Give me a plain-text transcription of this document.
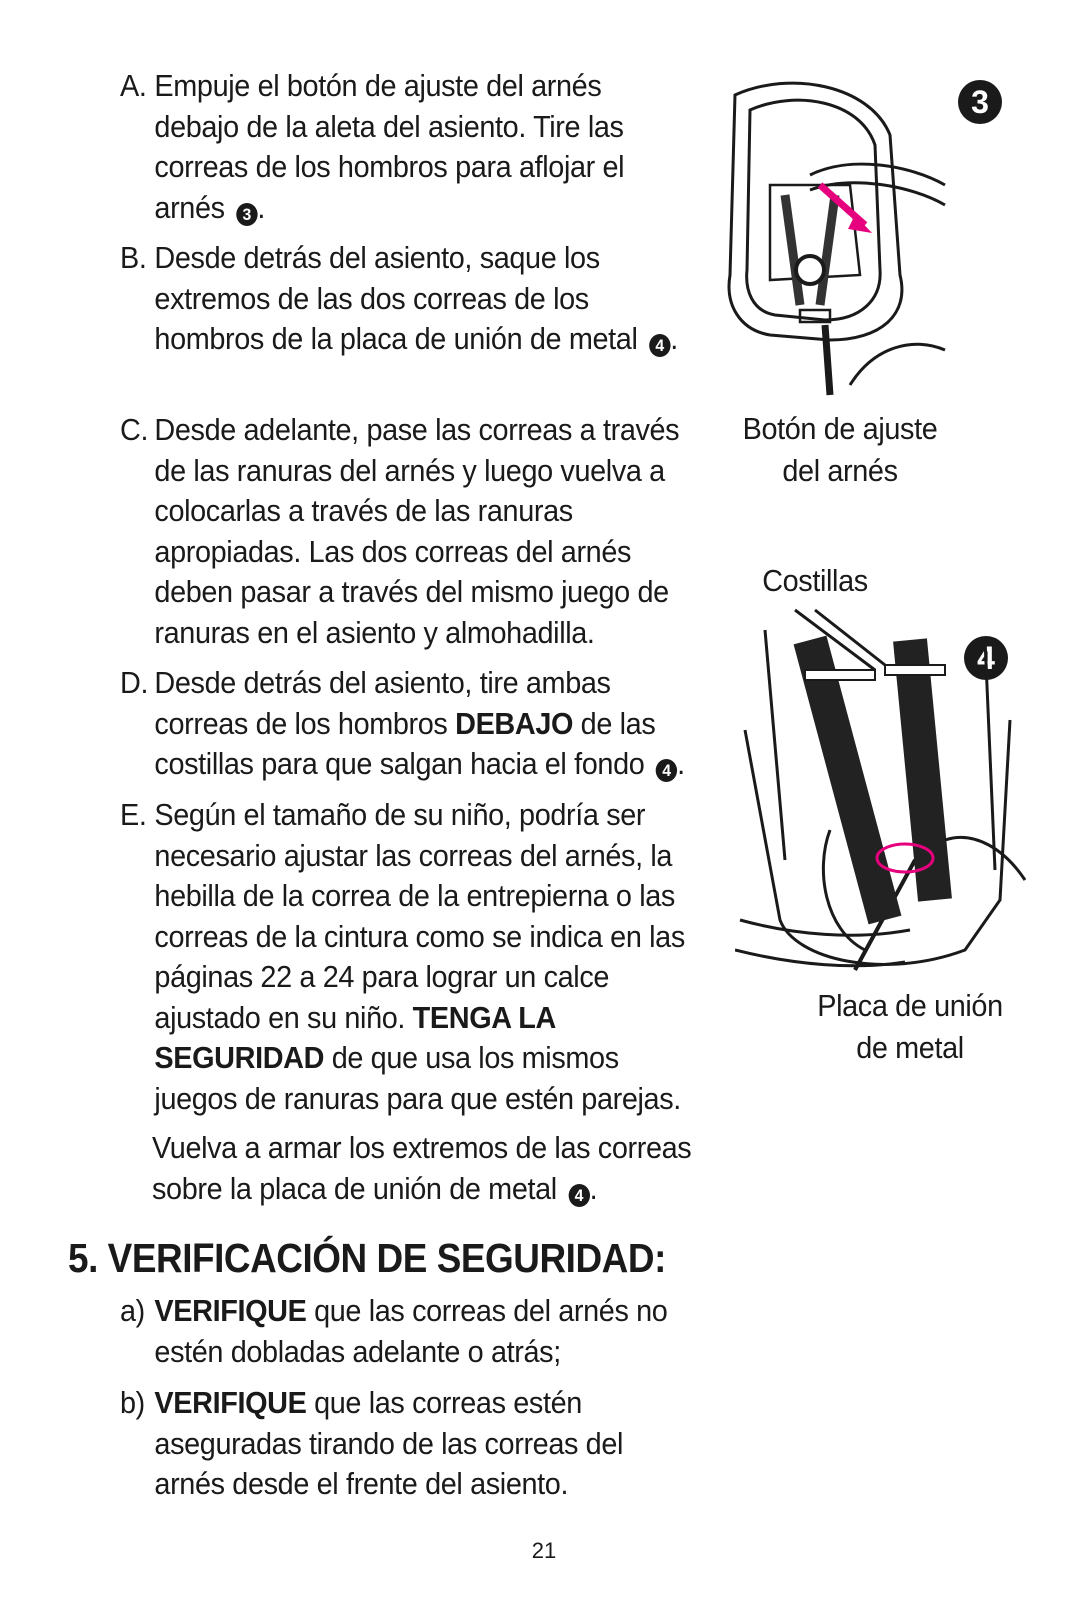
A. Empuje el botón de ajuste del arnés debajo de la aleta del asiento. Tire las correas de los hombros para aflojar el arnés 3 .
B. Desde detrás del asiento, saque los extremos de las dos correas de los hombros de la placa de unión de metal 4 .
C. Desde adelante, pase las correas a través de las ranuras del arnés y luego vuelva a colocarlas a través de las ranuras apropiadas. Las dos correas del arnés deben pasar a través del mismo juego de ranuras en el asiento y almohadilla.
D. Desde detrás del asiento, tire ambas correas de los hombros DEBAJO de las costillas para que salgan hacia el fondo 4 .
E. Según el tamaño de su niño, podría ser necesario ajustar las correas del arnés, la hebilla de la correa de la entrepierna o las correas de la cintura como se indica en las páginas 22 a 24 para lograr un calce ajustado en su niño. TENGA LA SEGURIDAD de que usa los mismos juegos de ranuras para que estén parejas.
Vuelva a armar los extremos de las correas sobre la placa de unión de metal 4 .
5. VERIFICACIÓN DE SEGURIDAD:
a) VERIFIQUE que las correas del arnés no estén dobladas adelante o atrás;
b) VERIFIQUE que las correas estén aseguradas tirando de las correas del arnés desde el frente del asiento.
3
Botón de ajuste
del arnés
Costillas
4
Placa de unión
de metal
21
